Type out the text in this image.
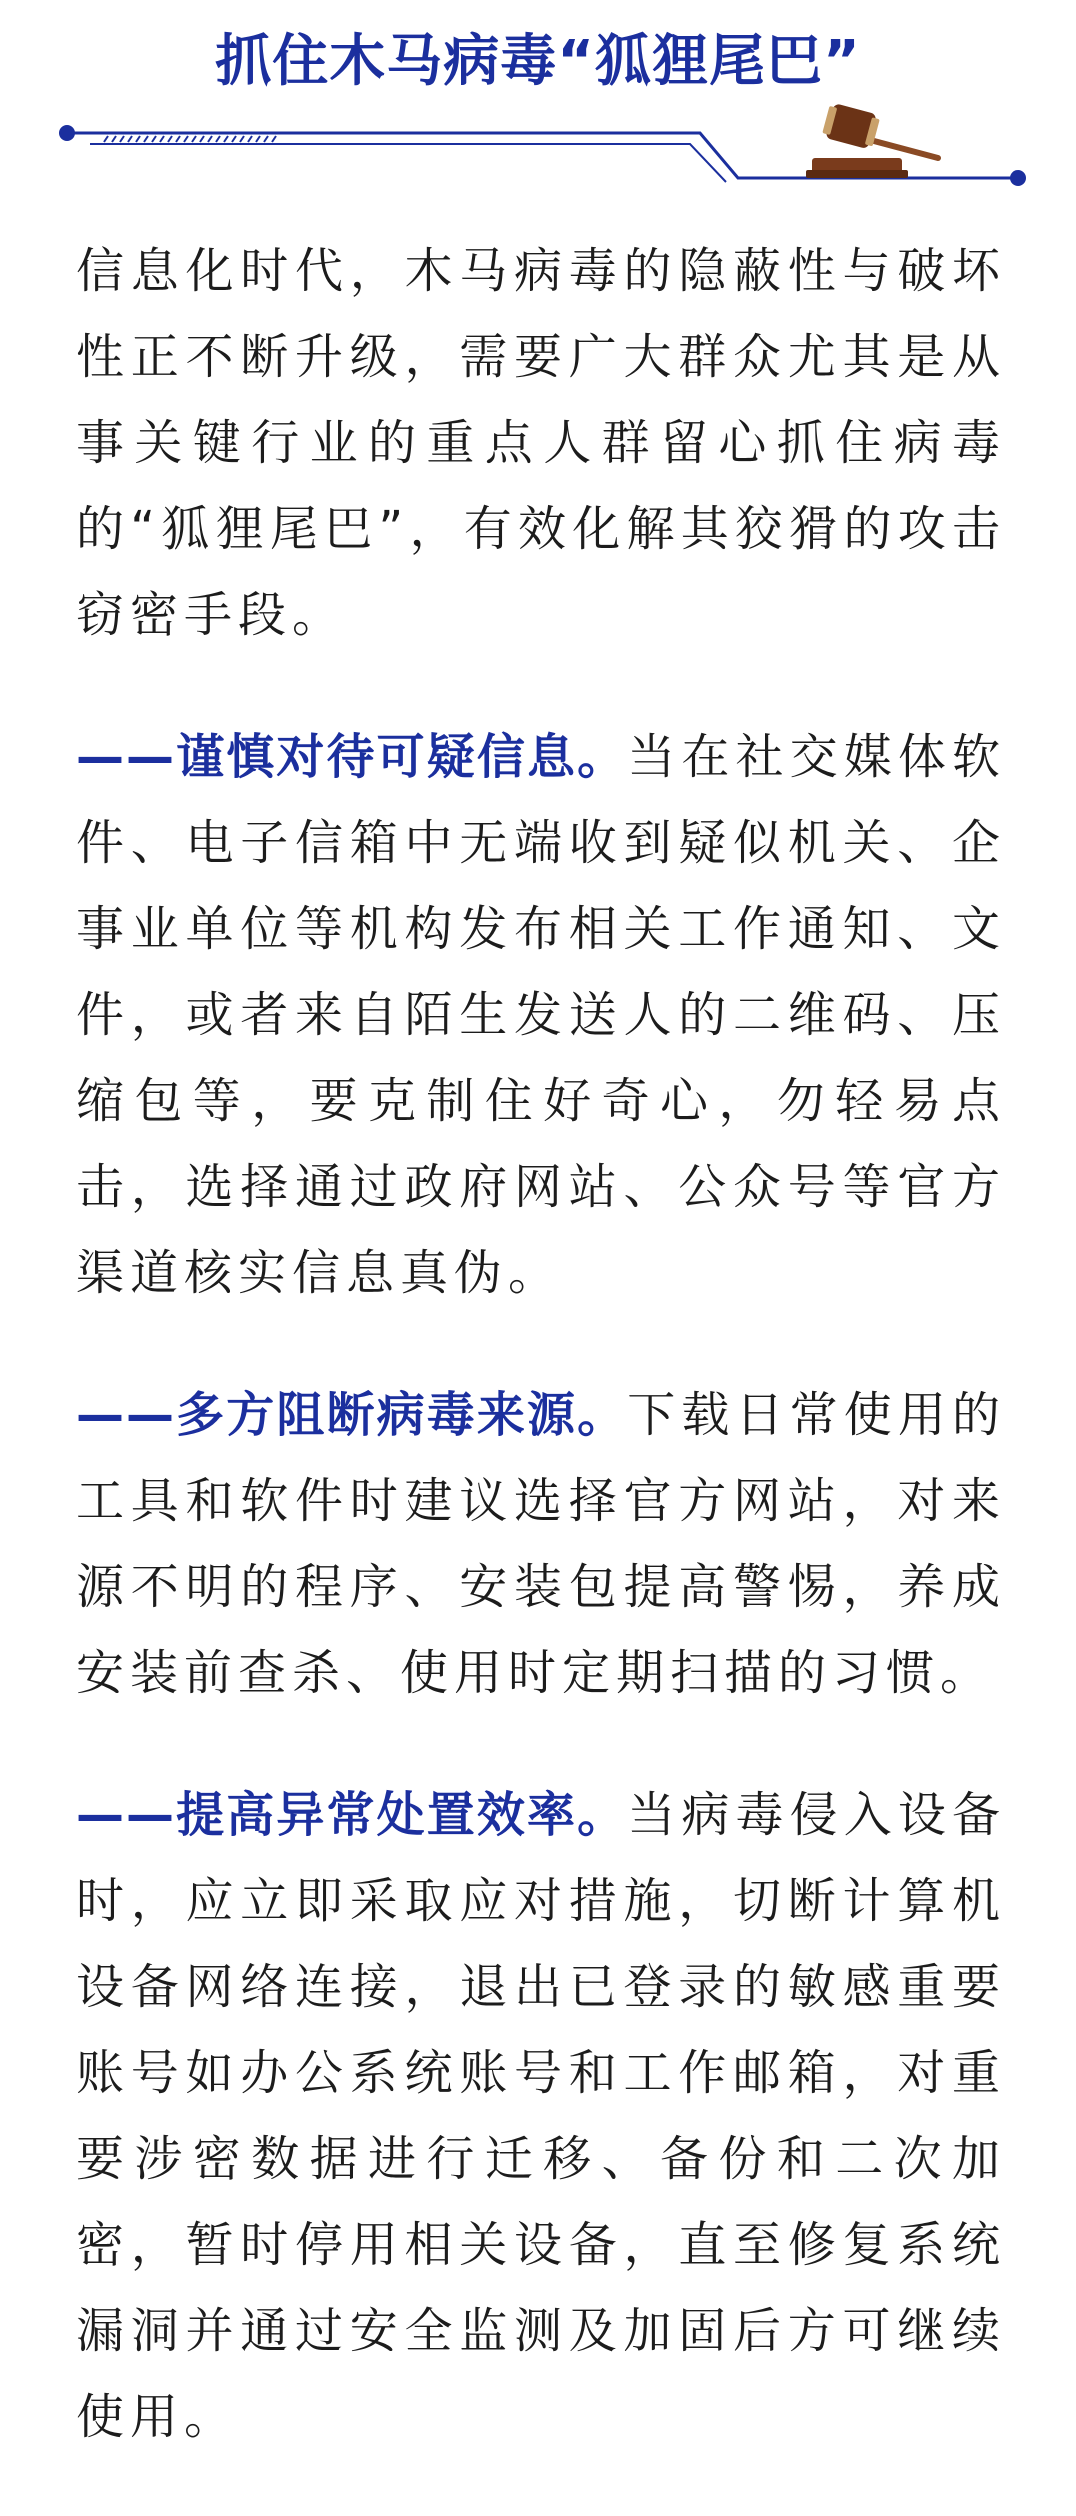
抓住木马病毒“狐狸尾巴”

信息化时代，木马病毒的隐蔽性与破坏性正不断升级，需要广大群众尤其是从事关键行业的重点人群留心抓住病毒的“狐狸尾巴”，有效化解其狡猾的攻击窃密手段。

——谨慎对待可疑信息。当在社交媒体软件、电子信箱中无端收到疑似机关、企事业单位等机构发布相关工作通知、文件，或者来自陌生发送人的二维码、压缩包等，要克制住好奇心，勿轻易点击，选择通过政府网站、公众号等官方渠道核实信息真伪。

——多方阻断病毒来源。下载日常使用的工具和软件时建议选择官方网站，对来源不明的程序、安装包提高警惕，养成安装前查杀、使用时定期扫描的习惯。

——提高异常处置效率。当病毒侵入设备时，应立即采取应对措施，切断计算机设备网络连接，退出已登录的敏感重要账号如办公系统账号和工作邮箱，对重要涉密数据进行迁移、备份和二次加密，暂时停用相关设备，直至修复系统漏洞并通过安全监测及加固后方可继续使用。
